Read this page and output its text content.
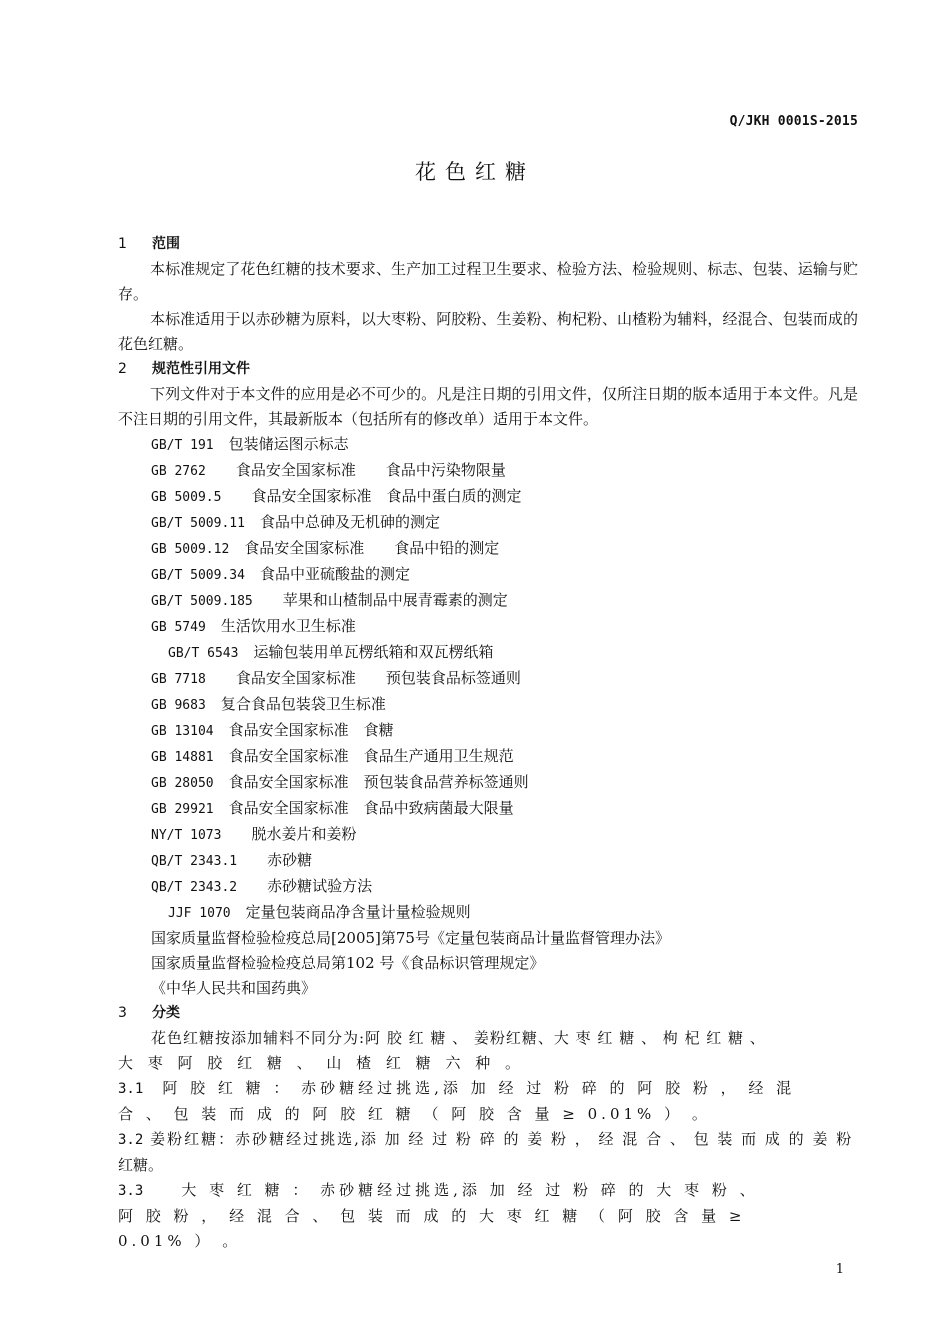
Q/JKH 0001S-2015
花色红糖
1 范围

本标准规定了花色红糖的技术要求、生产加工过程卫生要求、检验方法、检验规则、标志、包装、运输与贮存。

本标准适用于以赤砂糖为原料，以大枣粉、阿胶粉、生姜粉、枸杞粉、山楂粉为辅料，经混合、包装而成的花色红糖。

2 规范性引用文件

下列文件对于本文件的应用是必不可少的。凡是注日期的引用文件，仅所注日期的版本适用于本文件。凡是不注日期的引用文件，其最新版本（包括所有的修改单）适用于本文件。

GB/T 191　 包装储运图示标志
GB 2762　　 食品安全国家标准　　食品中污染物限量
GB 5009.5　　 食品安全国家标准　食品中蛋白质的测定
GB/T 5009.11　 食品中总砷及无机砷的测定
GB 5009.12　 食品安全国家标准　　食品中铅的测定
GB/T 5009.34　 食品中亚硫酸盐的测定
GB/T 5009.185　　 苹果和山楂制品中展青霉素的测定
GB 5749　 生活饮用水卫生标准
GB/T 6543　 运输包装用单瓦楞纸箱和双瓦楞纸箱
GB 7718　　 食品安全国家标准　　预包装食品标签通则
GB 9683　 复合食品包装袋卫生标准
GB 13104　 食品安全国家标准　食糖
GB 14881　 食品安全国家标准　食品生产通用卫生规范
GB 28050　 食品安全国家标准　预包装食品营养标签通则
GB 29921　 食品安全国家标准　食品中致病菌最大限量
NY/T 1073　　 脱水姜片和姜粉
QB/T 2343.1　　 赤砂糖
QB/T 2343.2　　 赤砂糖试验方法
JJF 1070　 定量包装商品净含量计量检验规则
国家质量监督检验检疫总局[2005]第75号《定量包装商品计量监督管理办法》
国家质量监督检验检疫总局第102 号《食品标识管理规定》
《中华人民共和国药典》
3 分类
花色红糖按添加辅料不同分为:阿 胶 红 糖 、 姜粉红糖、大 枣 红 糖 、 枸 杞 红 糖 、
大 枣 阿 胶 红 糖 、 山 楂 红 糖 六 种 。
3.1　 阿 胶 红 糖 ： 赤砂糖经过挑选,添 加 经 过 粉 碎 的 阿 胶 粉 ， 经 混
合 、 包 装 而 成 的 阿 胶 红 糖 （ 阿 胶 含 量 ≥ 0.01% ） 。
3.2 姜粉红糖：赤砂糖经过挑选,添 加 经 过 粉 碎 的 姜 粉 ， 经 混 合 、 包 装 而 成 的 姜 粉
红糖。
3.3　　	大 枣 红 糖 ： 赤砂糖经过挑选,添 加 经 过 粉 碎 的 大 枣 粉 、
阿 胶 粉 ， 经 混 合 、 包 装 而 成 的 大 枣 红 糖 （ 阿 胶 含 量 ≥
0.01% ） 。
1
